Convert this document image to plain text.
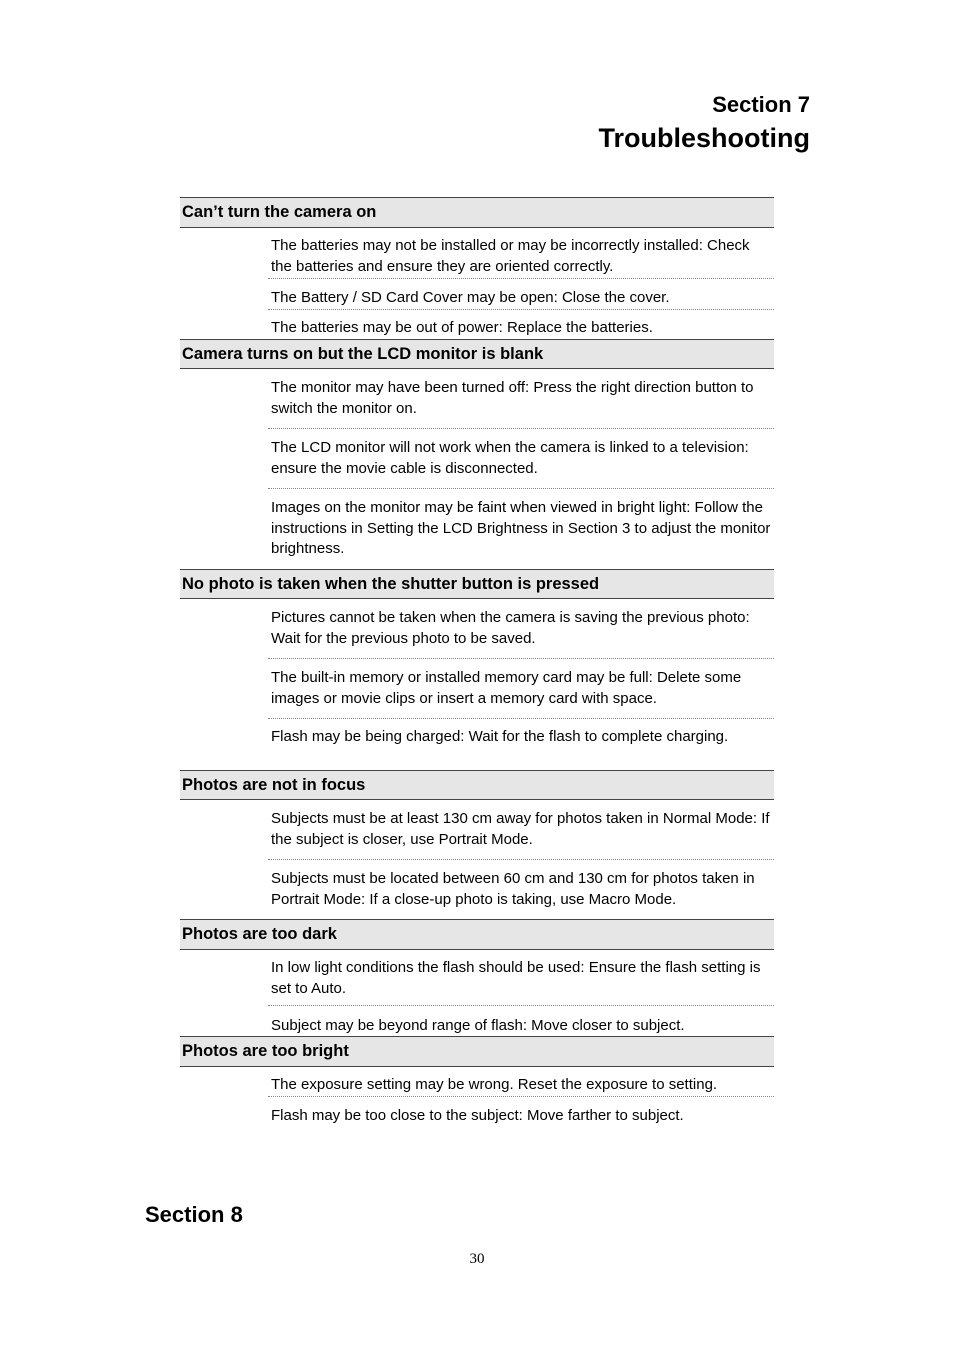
Section 7
Troubleshooting
Can’t turn the camera on
The batteries may not be installed or may be incorrectly installed: Check the batteries and ensure they are oriented correctly.
The Battery / SD Card Cover may be open: Close the cover.
The batteries may be out of power: Replace the batteries.
Camera turns on but the LCD monitor is blank
The monitor may have been turned off: Press the right direction button to switch the monitor on.
The LCD monitor will not work when the camera is linked to a television: ensure the movie cable is disconnected.
Images on the monitor may be faint when viewed in bright light: Follow the instructions in Setting the LCD Brightness in Section 3 to adjust the monitor brightness.
No photo is taken when the shutter button is pressed
Pictures cannot be taken when the camera is saving the previous photo: Wait for the previous photo to be saved.
The built-in memory or installed memory card may be full: Delete some images or movie clips or insert a memory card with space.
Flash may be being charged: Wait for the flash to complete charging.
Photos are not in focus
Subjects must be at least 130 cm away for photos taken in Normal Mode: If the subject is closer, use Portrait Mode.
Subjects must be located between 60 cm and 130 cm for photos taken in Portrait Mode: If a close-up photo is taking, use Macro Mode.
Photos are too dark
In low light conditions the flash should be used: Ensure the flash setting is set to Auto.
Subject may be beyond range of flash: Move closer to subject.
Photos are too bright
The exposure setting may be wrong. Reset the exposure to setting.
Flash may be too close to the subject: Move farther to subject.
Section 8
30
